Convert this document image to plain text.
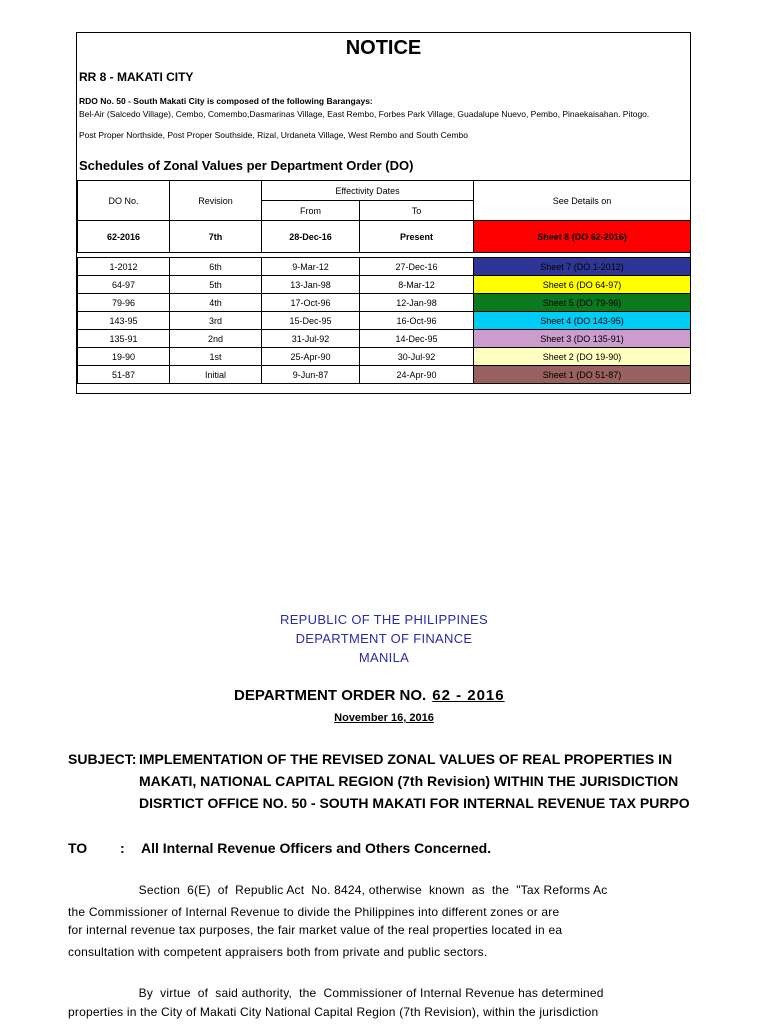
NOTICE
RR 8 - MAKATI CITY
RDO No. 50 - South Makati City is composed of the following Barangays:
Bel-Air (Salcedo Village), Cembo, Comembo,Dasmarinas Village, East Rembo, Forbes Park Village, Guadalupe Nuevo, Pembo, Pinaekaisahan. Pitogo.
Post Proper Northside, Post Proper Southside, Rizal, Urdaneta Village, West Rembo and South Cembo
Schedules of Zonal Values per Department Order (DO)
DO No.	Revision	Effectivity Dates		See Details on
		From	To	
62-2016	7th	28-Dec-16	Present	Sheet 8 (DO 62-2016)

1-2012	6th	9-Mar-12	27-Dec-16	Sheet 7 (DO 1-2012)
64-97	5th	13-Jan-98	8-Mar-12	Sheet 6 (DO 64-97)
79-96	4th	17-Oct-96	12-Jan-98	Sheet 5 (DO 79-96)
143-95	3rd	15-Dec-95	16-Oct-96	Sheet 4 (DO 143-95)
135-91	2nd	31-Jul-92	14-Dec-95	Sheet 3 (DO 135-91)
19-90	1st	25-Apr-90	30-Jul-92	Sheet 2 (DO 19-90)
51-87	Initial	9-Jun-87	24-Apr-90	Sheet 1 (DO 51-87)
REPUBLIC OF THE PHILIPPINES
DEPARTMENT OF FINANCE
MANILA
DEPARTMENT ORDER NO. 62 - 2016
November 16, 2016
SUBJECT: IMPLEMENTATION OF THE REVISED ZONAL VALUES OF REAL PROPERTIES IN
MAKATI, NATIONAL CAPITAL REGION (7th Revision) WITHIN THE JURISDICTION
DISRTICT OFFICE NO. 50 - SOUTH MAKATI FOR INTERNAL REVENUE TAX PURPO
TO : All Internal Revenue Officers and Others Concerned.
Section  6(E)  of  Republic Act  No. 8424, otherwise  known  as  the  "Tax Reforms Ac
the Commissioner of Internal Revenue to divide the Philippines into different zones or are
for internal revenue tax purposes, the fair market value of the real properties located in ea
consultation with competent appraisers both from private and public sectors.
By  virtue  of  said authority,  the  Commissioner of Internal Revenue has determined
properties in the City of Makati City National Capital Region (7th Revision), within the jurisdiction
